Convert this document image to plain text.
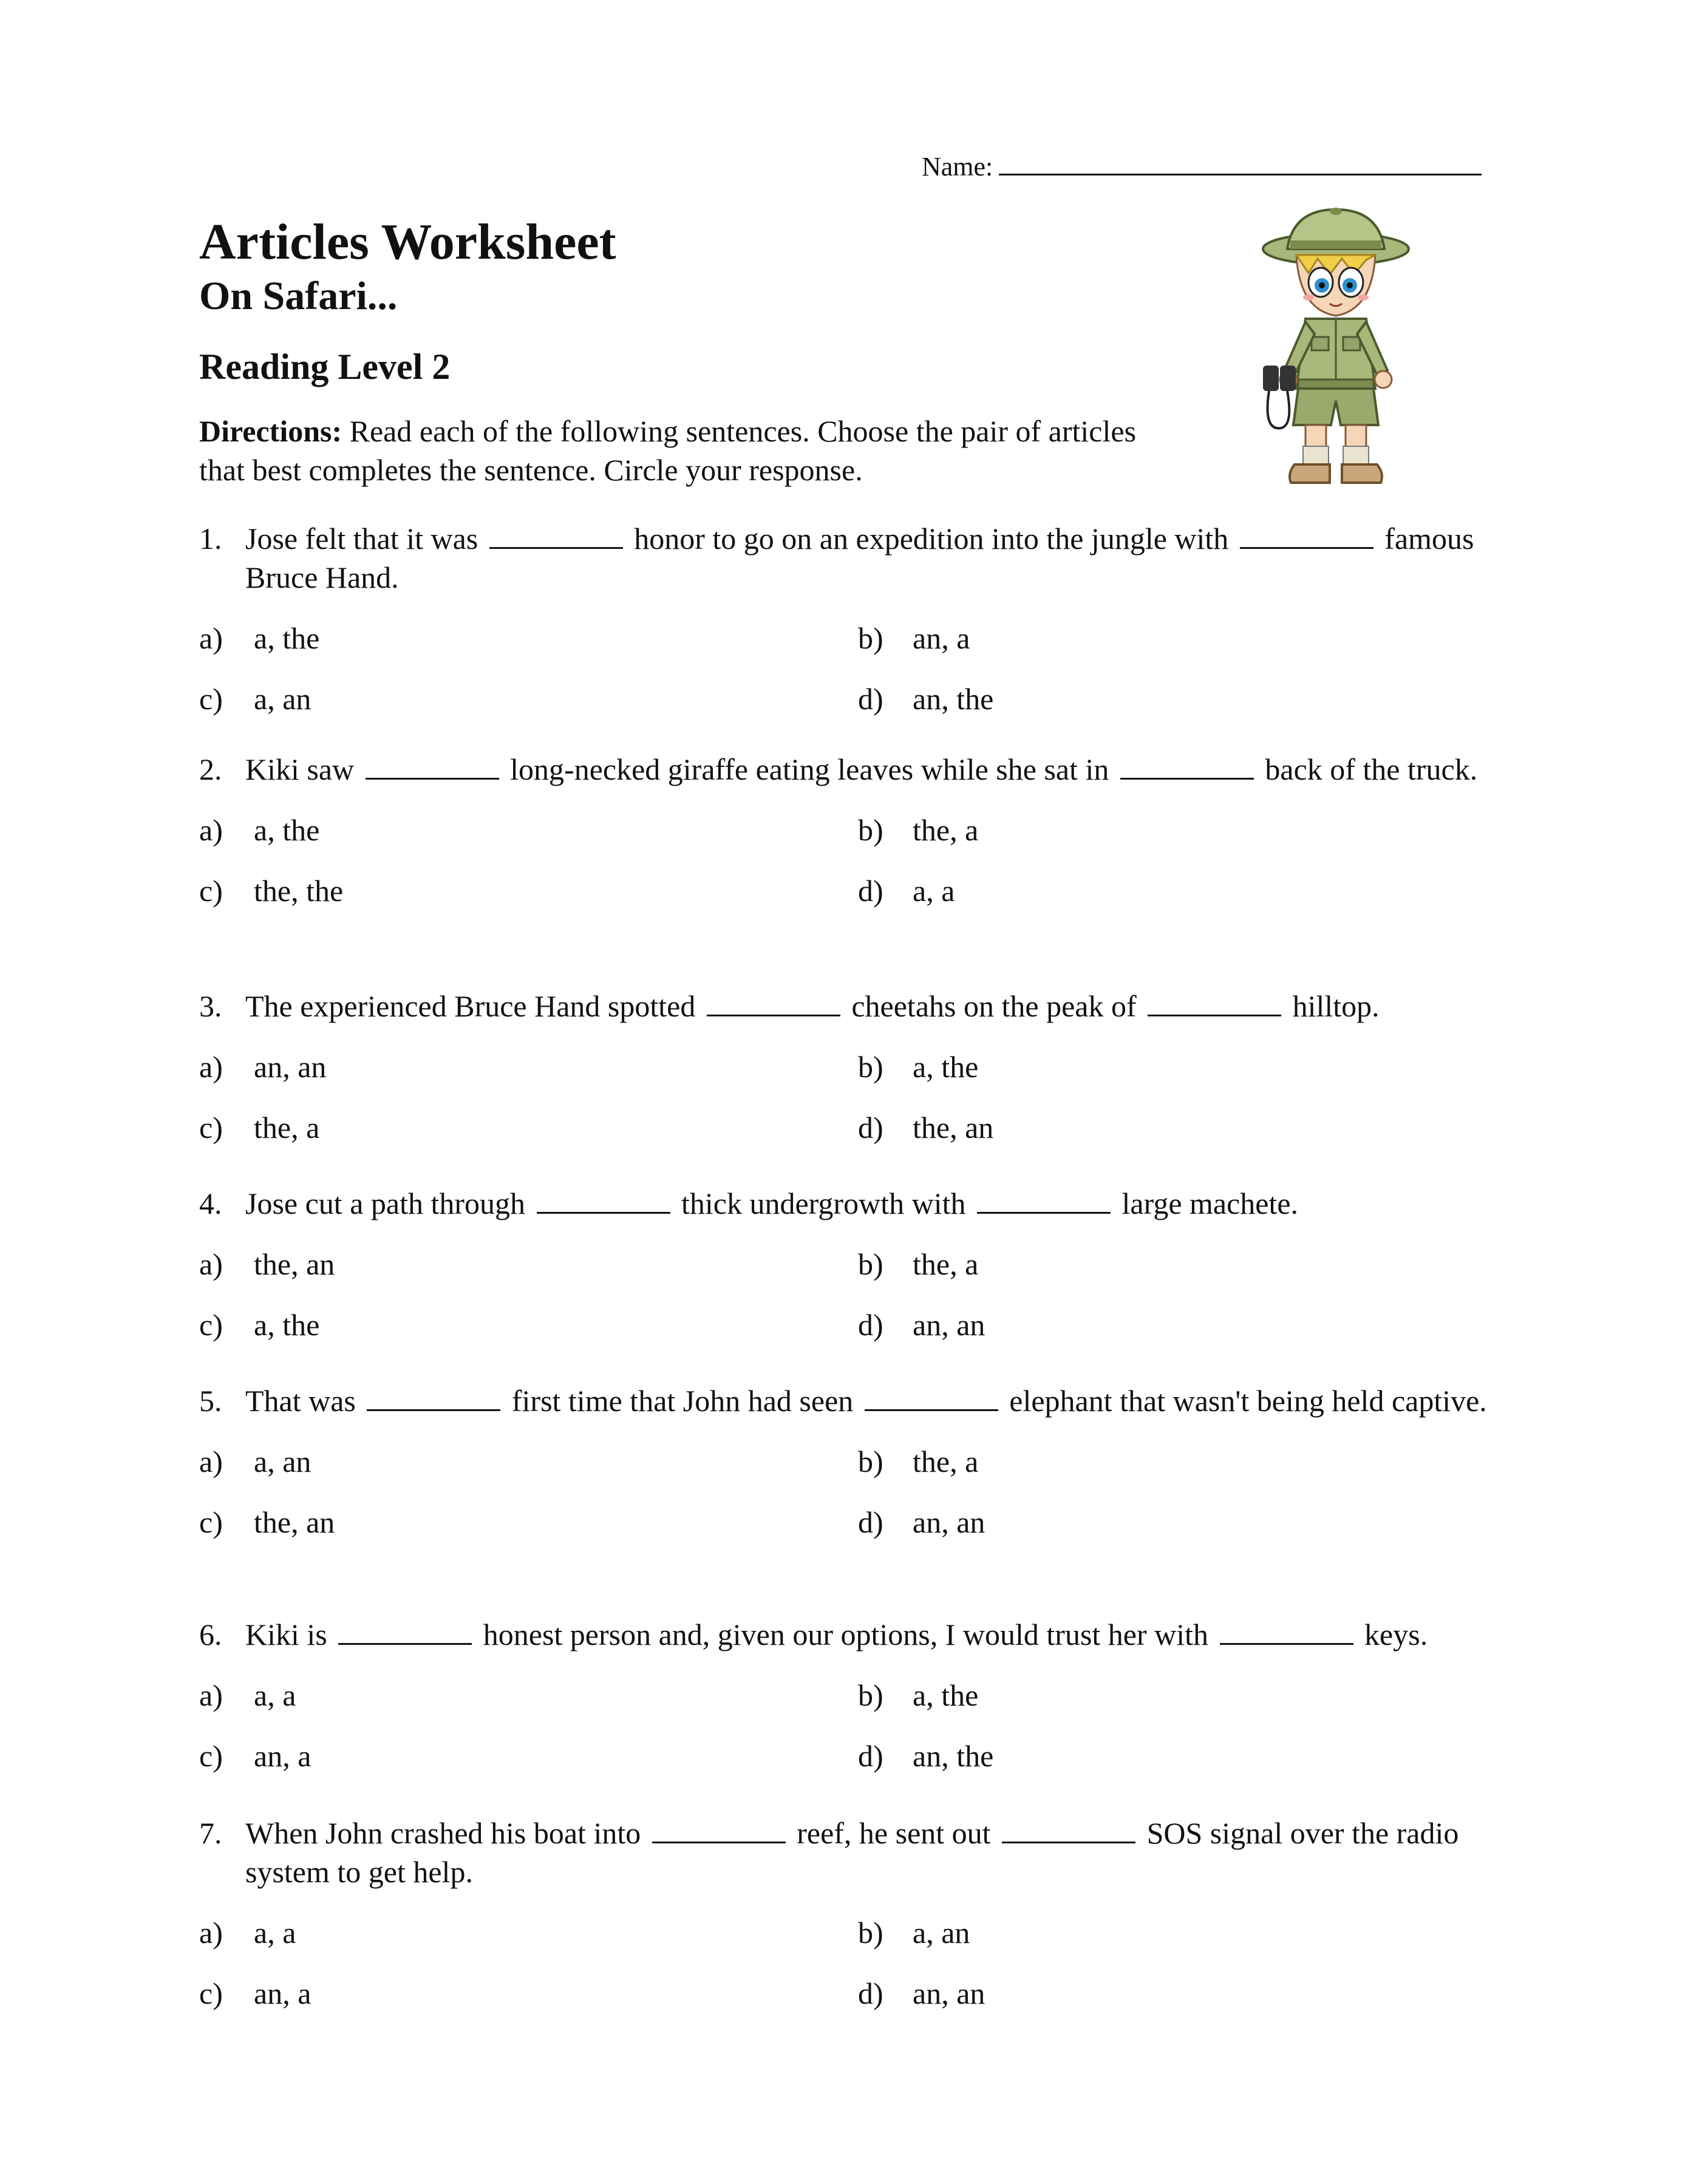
Name:
Articles Worksheet
On Safari...
Reading Level 2

Directions: Read each of the following sentences. Choose the pair of articles that best completes the sentence. Circle your response.

1. Jose felt that it was	honor to go on an expedition into the jungle with	famous Bruce Hand.

a) a, the	b) an, a
c) a, an	d) an, the

2. Kiki saw	long-necked giraffe eating leaves while she sat in	back of the truck.

a) a, the	b) the, a
c) the, the	d) a, a

3. The experienced Bruce Hand spotted	cheetahs on the peak of	hilltop.

a) an, an	b) a, the
c) the, a	d) the, an

4. Jose cut a path through	thick undergrowth with	large machete.

a) the, an	b) the, a
c) a, the	d) an, an

5. That was	first time that John had seen	elephant that wasn't being held captive.

a) a, an	b) the, a
c) the, an	d) an, an

6. Kiki is	honest person and, given our options, I would trust her with	keys.

a) a, a	b) a, the
c) an, a	d) an, the

7. When John crashed his boat into	reef, he sent out	SOS signal over the radio system to get help.

a) a, a	b) a, an
c) an, a	d) an, an
